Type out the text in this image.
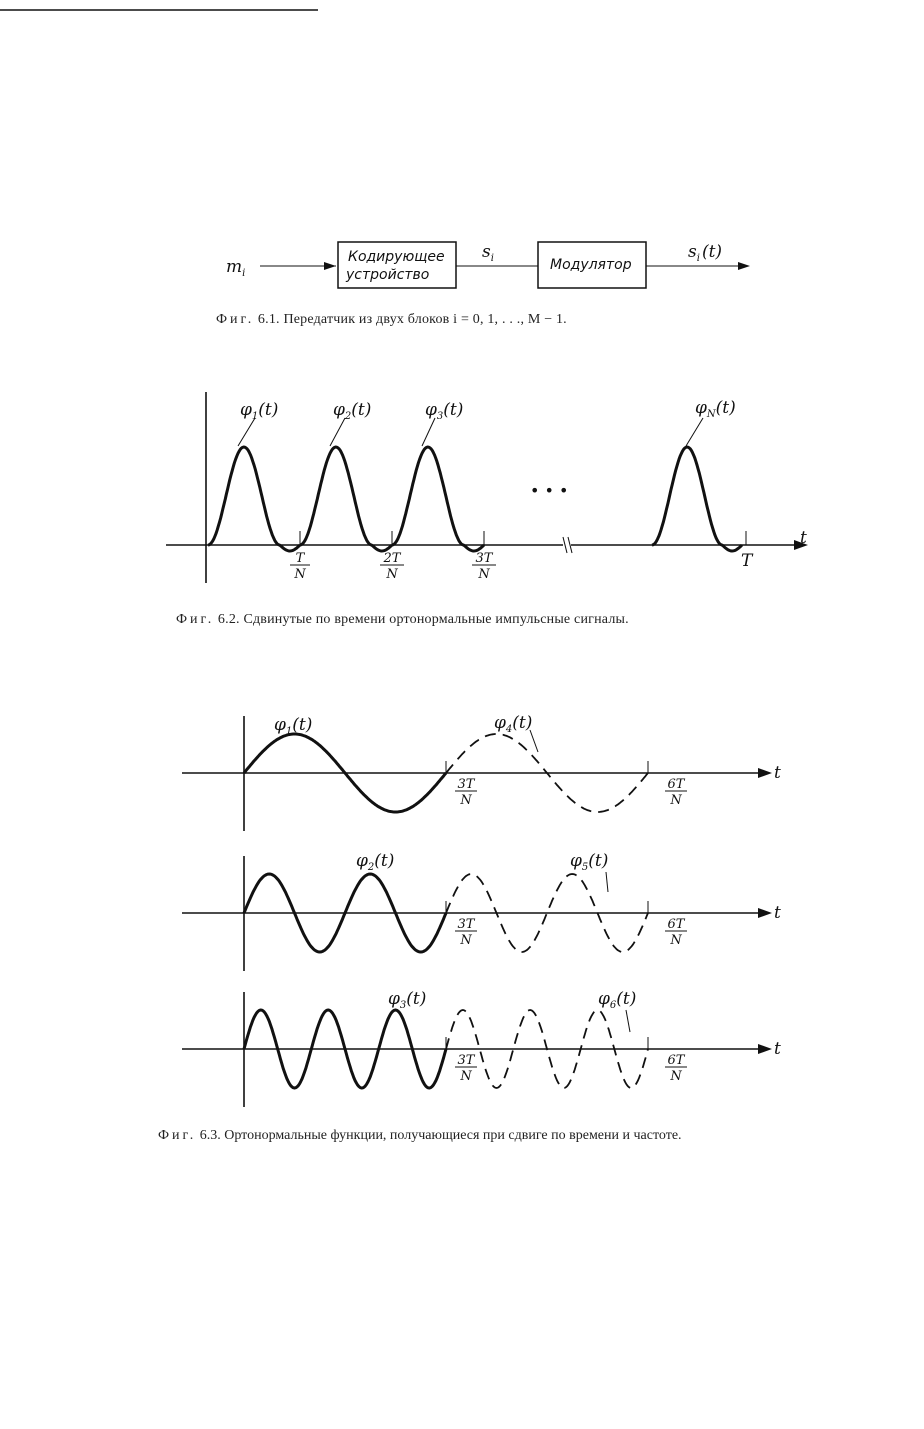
$m_i$
Кодирующее
устройство
$s_i$	Модулятор
$s_i$ (t)
Фиг. 6.1. Передатчик из двух блоков i = 0, 1, . . ., M − 1.
t
$\varphi_1(t)$	$\varphi_2(t)$	$\varphi_3(t)$	$\varphi_N(t)$
• • •
T
N
2T
N
3T
N
T
Фиг. 6.2. Сдвинутые по времени ортонормальные импульсные сигналы.
t
3T
N
6T
N
$\varphi_1(t)$	$\varphi_4(t)$
t
3T
N
6T
N
$\varphi_2(t)$	$\varphi_5(t)$
t
3T
N
6T
N
$\varphi_3(t)$	$\varphi_6(t)$
Фиг. 6.3. Ортонормальные функции, получающиеся при сдвиге по времени и частоте.
